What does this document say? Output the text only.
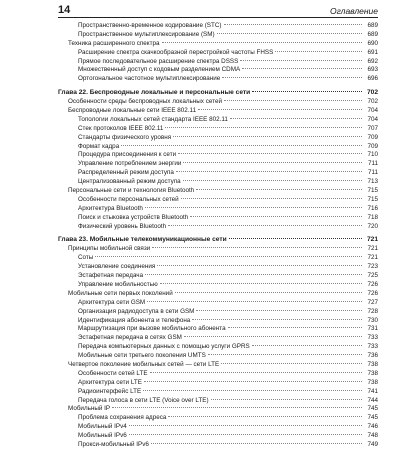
14	Оглавление
Пространственно-временное кодирование (STC)	689
Пространственное мультиплексирование (SM)	689
Техника расширенного спектра	690
Расширение спектра скачкообразной перестройкой частоты FHSS	691
Прямое последовательное расширение спектра DSSS	692
Множественный доступ с кодовым разделением CDMA	693
Ортогональное частотное мультиплексирование	696
Глава 22. Беспроводные локальные и персональные сети	702
Особенности среды беспроводных локальных сетей	702
Беспроводные локальные сети IEEE 802.11	704
Топологии локальных сетей стандарта IEEE 802.11	704
Стек протоколов IEEE 802.11	707
Стандарты физического уровня	709
Формат кадра	709
Процедура присоединения к сети	710
Управление потреблением энергии	711
Распределенный режим доступа	711
Централизованный режим доступа	713
Персональные сети и технология Bluetooth	715
Особенности персональных сетей	715
Архитектура Bluetooth	716
Поиск и стыковка устройств Bluetooth	718
Физический уровень Bluetooth	720
Глава 23. Мобильные телекоммуникационные сети	721
Принципы мобильной связи	721
Соты	721
Установление соединения	723
Эстафетная передача	725
Управление мобильностью	726
Мобильные сети первых поколений	726
Архитектура сети GSM	727
Организация радиодоступа в сети GSM	728
Идентификация абонента и телефона	730
Маршрутизация при вызове мобильного абонента	731
Эстафетная передача в сетях GSM	733
Передача компьютерных данных с помощью услуги GPRS	733
Мобильные сети третьего поколения UMTS	736
Четвертое поколение мобильных сетей — сети LTE	738
Особенности сетей LTE	738
Архитектура сети LTE	738
Радиоинтерфейс LTE	741
Передача голоса в сети LTE (Voice over LTE)	744
Мобильный IP	745
Проблема сохранения адреса	745
Мобильный IPv4	746
Мобильный IPv6	748
Прокси-мобильный IPv6	749
